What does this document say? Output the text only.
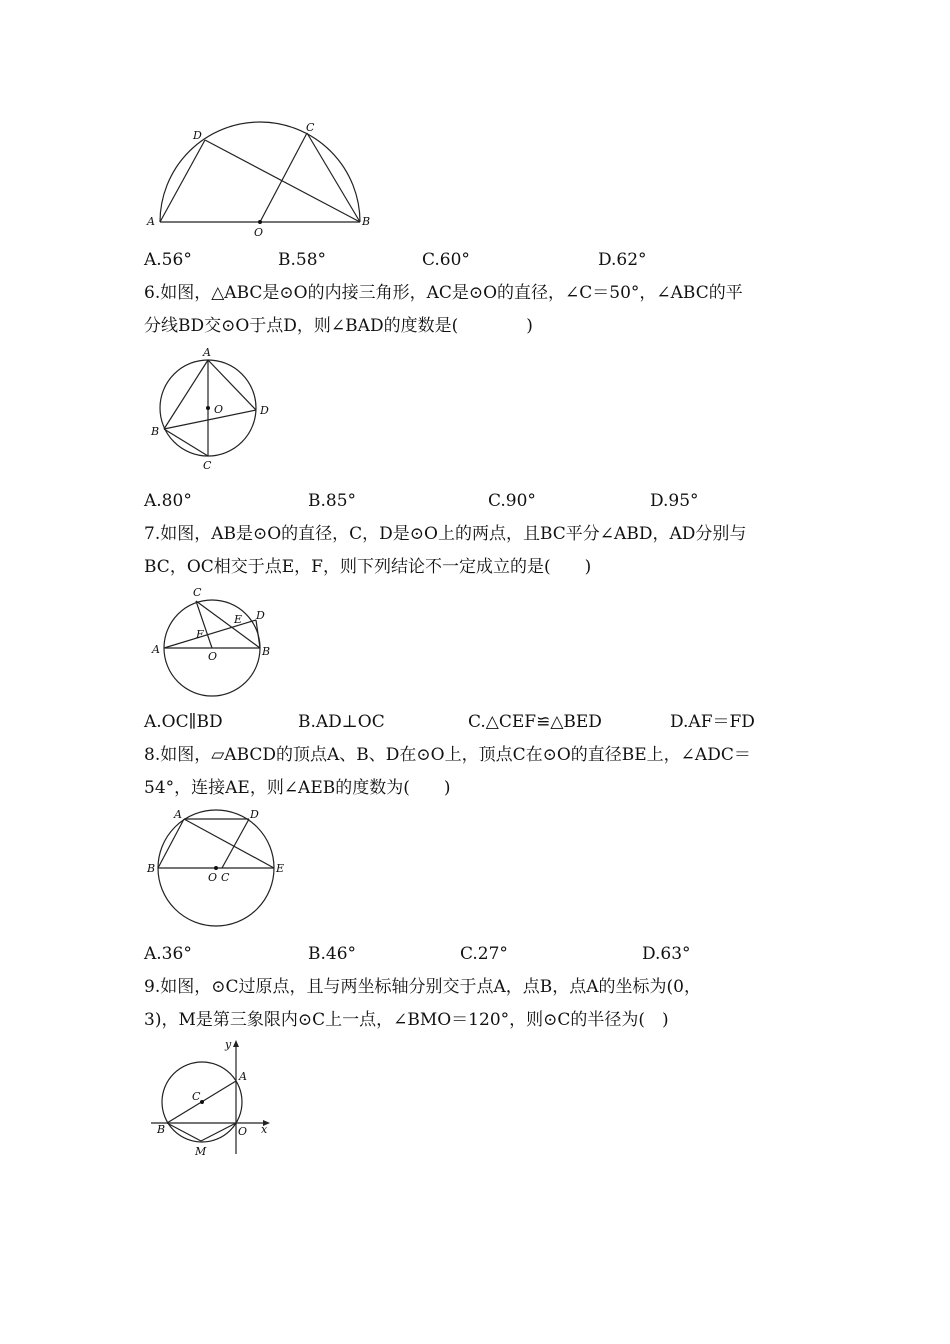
D
C
A
O
B
A.56°	B.58°	C.60°	D.62°
6.如图，△ABC是⊙O的内接三角形，AC是⊙O的直径，∠C＝50°，∠ABC的平
分线BD交⊙O于点D，则∠BAD的度数是(　　　　)
A
O	D
B
C
A.80°	B.85°	C.90°	D.95°
7.如图，AB是⊙O的直径，C，D是⊙O上的两点，且BC平分∠ABD，AD分别与
BC，OC相交于点E，F，则下列结论不一定成立的是(　　)
C
D
E
F
A
O	B
A.OC∥BD	B.AD⊥OC	C.△CEF≌△BED	D.AF＝FD
8.如图，▱ABCD的顶点A、B、D在⊙O上，顶点C在⊙O的直径BE上，∠ADC＝
54°，连接AE，则∠AEB的度数为(　　)
A	D
B
O C
E
A.36°	B.46°	C.27°	D.63°
9.如图，⊙C过原点，且与两坐标轴分别交于点A，点B，点A的坐标为(0，
3)，M是第三象限内⊙C上一点，∠BMO＝120°，则⊙C的半径为(　)
y
A
C
B	O x
M
